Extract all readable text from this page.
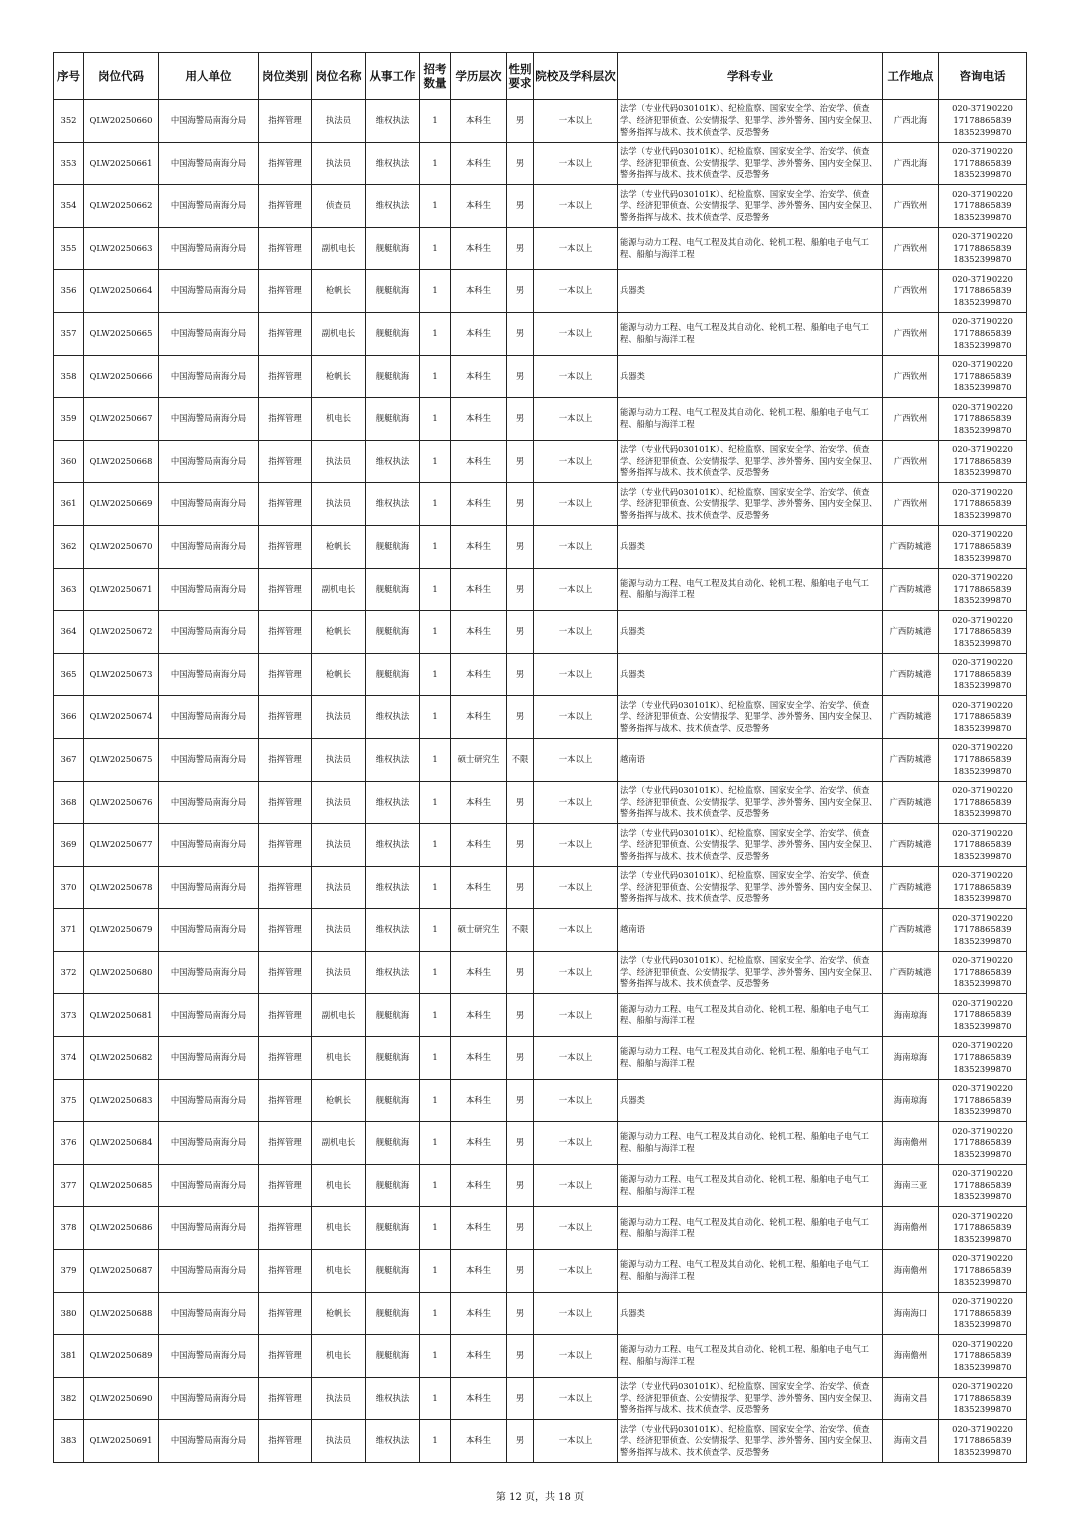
序号	岗位代码	用人单位	岗位类别	岗位名称	从事工作	招考数量	学历层次	性别要求	院校及学科层次	学科专业	工作地点	咨询电话
352	QLW20250660	中国海警局南海分局	指挥管理	执法员	维权执法	1	本科生	男	一本以上	法学（专业代码030101K）、纪检监察、国家安全学、治安学、侦查学、经济犯罪侦查、公安情报学、犯罪学、涉外警务、国内安全保卫、警务指挥与战术、技术侦查学、反恐警务	广西北海	020-37190220
17178865839
18352399870

353	QLW20250661	中国海警局南海分局	指挥管理	执法员	维权执法	1	本科生	男	一本以上	法学（专业代码030101K）、纪检监察、国家安全学、治安学、侦查学、经济犯罪侦查、公安情报学、犯罪学、涉外警务、国内安全保卫、警务指挥与战术、技术侦查学、反恐警务	广西北海	020-37190220
17178865839
18352399870

354	QLW20250662	中国海警局南海分局	指挥管理	侦查员	维权执法	1	本科生	男	一本以上	法学（专业代码030101K）、纪检监察、国家安全学、治安学、侦查学、经济犯罪侦查、公安情报学、犯罪学、涉外警务、国内安全保卫、警务指挥与战术、技术侦查学、反恐警务	广西钦州	020-37190220
17178865839
18352399870

355	QLW20250663	中国海警局南海分局	指挥管理	副机电长	舰艇航海	1	本科生	男	一本以上	能源与动力工程、电气工程及其自动化、轮机工程、船舶电子电气工程、船舶与海洋工程	广西钦州	020-37190220
17178865839
18352399870

356	QLW20250664	中国海警局南海分局	指挥管理	枪帆长	舰艇航海	1	本科生	男	一本以上	兵器类	广西钦州	020-37190220
17178865839
18352399870

357	QLW20250665	中国海警局南海分局	指挥管理	副机电长	舰艇航海	1	本科生	男	一本以上	能源与动力工程、电气工程及其自动化、轮机工程、船舶电子电气工程、船舶与海洋工程	广西钦州	020-37190220
17178865839
18352399870

358	QLW20250666	中国海警局南海分局	指挥管理	枪帆长	舰艇航海	1	本科生	男	一本以上	兵器类	广西钦州	020-37190220
17178865839
18352399870

359	QLW20250667	中国海警局南海分局	指挥管理	机电长	舰艇航海	1	本科生	男	一本以上	能源与动力工程、电气工程及其自动化、轮机工程、船舶电子电气工程、船舶与海洋工程	广西钦州	020-37190220
17178865839
18352399870

360	QLW20250668	中国海警局南海分局	指挥管理	执法员	维权执法	1	本科生	男	一本以上	法学（专业代码030101K）、纪检监察、国家安全学、治安学、侦查学、经济犯罪侦查、公安情报学、犯罪学、涉外警务、国内安全保卫、警务指挥与战术、技术侦查学、反恐警务	广西钦州	020-37190220
17178865839
18352399870

361	QLW20250669	中国海警局南海分局	指挥管理	执法员	维权执法	1	本科生	男	一本以上	法学（专业代码030101K）、纪检监察、国家安全学、治安学、侦查学、经济犯罪侦查、公安情报学、犯罪学、涉外警务、国内安全保卫、警务指挥与战术、技术侦查学、反恐警务	广西钦州	020-37190220
17178865839
18352399870

362	QLW20250670	中国海警局南海分局	指挥管理	枪帆长	舰艇航海	1	本科生	男	一本以上	兵器类	广西防城港	020-37190220
17178865839
18352399870

363	QLW20250671	中国海警局南海分局	指挥管理	副机电长	舰艇航海	1	本科生	男	一本以上	能源与动力工程、电气工程及其自动化、轮机工程、船舶电子电气工程、船舶与海洋工程	广西防城港	020-37190220
17178865839
18352399870

364	QLW20250672	中国海警局南海分局	指挥管理	枪帆长	舰艇航海	1	本科生	男	一本以上	兵器类	广西防城港	020-37190220
17178865839
18352399870

365	QLW20250673	中国海警局南海分局	指挥管理	枪帆长	舰艇航海	1	本科生	男	一本以上	兵器类	广西防城港	020-37190220
17178865839
18352399870

366	QLW20250674	中国海警局南海分局	指挥管理	执法员	维权执法	1	本科生	男	一本以上	法学（专业代码030101K）、纪检监察、国家安全学、治安学、侦查学、经济犯罪侦查、公安情报学、犯罪学、涉外警务、国内安全保卫、警务指挥与战术、技术侦查学、反恐警务	广西防城港	020-37190220
17178865839
18352399870

367	QLW20250675	中国海警局南海分局	指挥管理	执法员	维权执法	1	硕士研究生	不限	一本以上	越南语	广西防城港	020-37190220
17178865839
18352399870

368	QLW20250676	中国海警局南海分局	指挥管理	执法员	维权执法	1	本科生	男	一本以上	法学（专业代码030101K）、纪检监察、国家安全学、治安学、侦查学、经济犯罪侦查、公安情报学、犯罪学、涉外警务、国内安全保卫、警务指挥与战术、技术侦查学、反恐警务	广西防城港	020-37190220
17178865839
18352399870

369	QLW20250677	中国海警局南海分局	指挥管理	执法员	维权执法	1	本科生	男	一本以上	法学（专业代码030101K）、纪检监察、国家安全学、治安学、侦查学、经济犯罪侦查、公安情报学、犯罪学、涉外警务、国内安全保卫、警务指挥与战术、技术侦查学、反恐警务	广西防城港	020-37190220
17178865839
18352399870

370	QLW20250678	中国海警局南海分局	指挥管理	执法员	维权执法	1	本科生	男	一本以上	法学（专业代码030101K）、纪检监察、国家安全学、治安学、侦查学、经济犯罪侦查、公安情报学、犯罪学、涉外警务、国内安全保卫、警务指挥与战术、技术侦查学、反恐警务	广西防城港	020-37190220
17178865839
18352399870

371	QLW20250679	中国海警局南海分局	指挥管理	执法员	维权执法	1	硕士研究生	不限	一本以上	越南语	广西防城港	020-37190220
17178865839
18352399870

372	QLW20250680	中国海警局南海分局	指挥管理	执法员	维权执法	1	本科生	男	一本以上	法学（专业代码030101K）、纪检监察、国家安全学、治安学、侦查学、经济犯罪侦查、公安情报学、犯罪学、涉外警务、国内安全保卫、警务指挥与战术、技术侦查学、反恐警务	广西防城港	020-37190220
17178865839
18352399870

373	QLW20250681	中国海警局南海分局	指挥管理	副机电长	舰艇航海	1	本科生	男	一本以上	能源与动力工程、电气工程及其自动化、轮机工程、船舶电子电气工程、船舶与海洋工程	海南琼海	020-37190220
17178865839
18352399870

374	QLW20250682	中国海警局南海分局	指挥管理	机电长	舰艇航海	1	本科生	男	一本以上	能源与动力工程、电气工程及其自动化、轮机工程、船舶电子电气工程、船舶与海洋工程	海南琼海	020-37190220
17178865839
18352399870

375	QLW20250683	中国海警局南海分局	指挥管理	枪帆长	舰艇航海	1	本科生	男	一本以上	兵器类	海南琼海	020-37190220
17178865839
18352399870

376	QLW20250684	中国海警局南海分局	指挥管理	副机电长	舰艇航海	1	本科生	男	一本以上	能源与动力工程、电气工程及其自动化、轮机工程、船舶电子电气工程、船舶与海洋工程	海南儋州	020-37190220
17178865839
18352399870

377	QLW20250685	中国海警局南海分局	指挥管理	机电长	舰艇航海	1	本科生	男	一本以上	能源与动力工程、电气工程及其自动化、轮机工程、船舶电子电气工程、船舶与海洋工程	海南三亚	020-37190220
17178865839
18352399870

378	QLW20250686	中国海警局南海分局	指挥管理	机电长	舰艇航海	1	本科生	男	一本以上	能源与动力工程、电气工程及其自动化、轮机工程、船舶电子电气工程、船舶与海洋工程	海南儋州	020-37190220
17178865839
18352399870

379	QLW20250687	中国海警局南海分局	指挥管理	机电长	舰艇航海	1	本科生	男	一本以上	能源与动力工程、电气工程及其自动化、轮机工程、船舶电子电气工程、船舶与海洋工程	海南儋州	020-37190220
17178865839
18352399870

380	QLW20250688	中国海警局南海分局	指挥管理	枪帆长	舰艇航海	1	本科生	男	一本以上	兵器类	海南海口	020-37190220
17178865839
18352399870

381	QLW20250689	中国海警局南海分局	指挥管理	机电长	舰艇航海	1	本科生	男	一本以上	能源与动力工程、电气工程及其自动化、轮机工程、船舶电子电气工程、船舶与海洋工程	海南儋州	020-37190220
17178865839
18352399870

382	QLW20250690	中国海警局南海分局	指挥管理	执法员	维权执法	1	本科生	男	一本以上	法学（专业代码030101K）、纪检监察、国家安全学、治安学、侦查学、经济犯罪侦查、公安情报学、犯罪学、涉外警务、国内安全保卫、警务指挥与战术、技术侦查学、反恐警务	海南文昌	020-37190220
17178865839
18352399870

383	QLW20250691	中国海警局南海分局	指挥管理	执法员	维权执法	1	本科生	男	一本以上	法学（专业代码030101K）、纪检监察、国家安全学、治安学、侦查学、经济犯罪侦查、公安情报学、犯罪学、涉外警务、国内安全保卫、警务指挥与战术、技术侦查学、反恐警务	海南文昌	020-37190220
17178865839
18352399870
第 12 页，共 18 页
